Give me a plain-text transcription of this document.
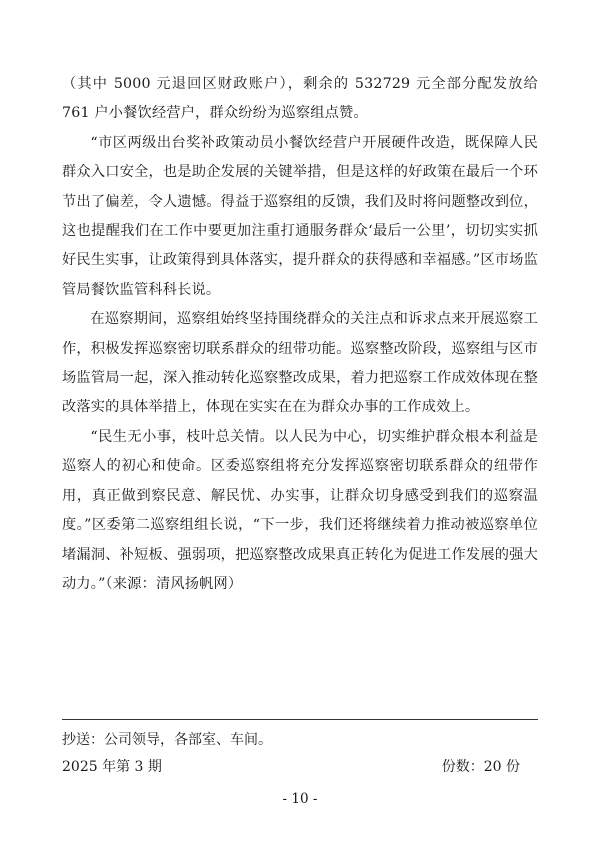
（其中 5000 元退回区财政账户），剩余的 532729 元全部分配发放给 761 户小餐饮经营户，群众纷纷为巡察组点赞。

“市区两级出台奖补政策动员小餐饮经营户开展硬件改造，既保障人民群众入口安全，也是助企发展的关键举措，但是这样的好政策在最后一个环节出了偏差，令人遗憾。得益于巡察组的反馈，我们及时将问题整改到位，这也提醒我们在工作中要更加注重打通服务群众‘最后一公里’，切切实实抓好民生实事，让政策得到具体落实，提升群众的获得感和幸福感。”区市场监管局餐饮监管科科长说。

在巡察期间，巡察组始终坚持围绕群众的关注点和诉求点来开展巡察工作，积极发挥巡察密切联系群众的纽带功能。巡察整改阶段，巡察组与区市场监管局一起，深入推动转化巡察整改成果，着力把巡察工作成效体现在整改落实的具体举措上，体现在实实在在为群众办事的工作成效上。

“民生无小事，枝叶总关情。以人民为中心，切实维护群众根本利益是巡察人的初心和使命。区委巡察组将充分发挥巡察密切联系群众的纽带作用，真正做到察民意、解民忧、办实事，让群众切身感受到我们的巡察温度。”区委第二巡察组组长说，“下一步，我们还将继续着力推动被巡察单位堵漏洞、补短板、强弱项，把巡察整改成果真正转化为促进工作发展的强大动力。”（来源：清风扬帆网）

抄送：公司领导，各部室、车间。
2025 年第 3 期	份数：20 份
- 10 -
